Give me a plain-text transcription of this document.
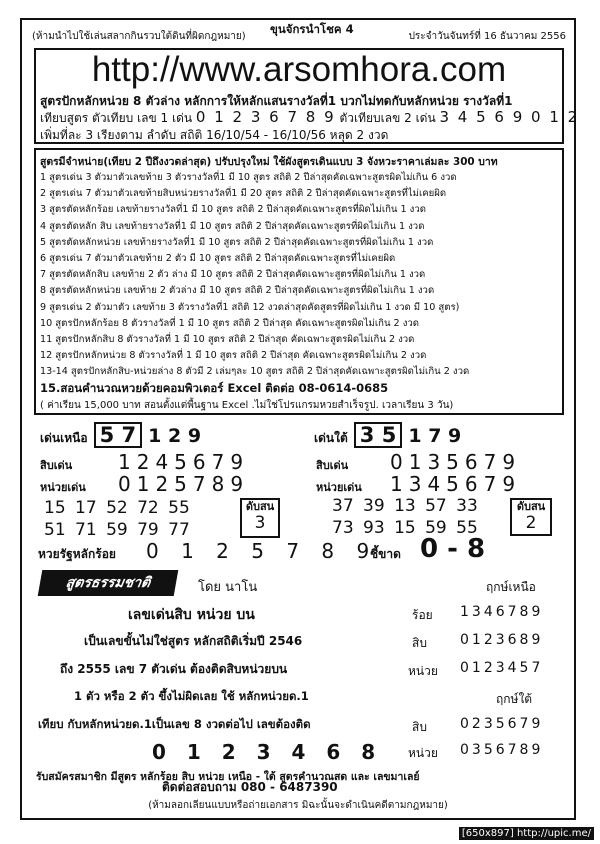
(ห้ามนำไปใช้เล่นสลากกินรวบใต้ดินที่ผิดกฎหมาย)
ขุนจักรนำโชค 4
ประจำวันจันทร์ที่ 16 ธันวาคม 2556
http://www.arsomhora.com
สูตรปักหลักหน่วย 8 ตัวล่าง หลักการให้หลักแสนรางวัลที่1 บวกไม่ทดกับหลักหน่วย รางวัลที่1
เทียบสูตร ตัวเทียบ เลข 1 เด่น 0 1 2 3 6 7 8 9 ตัวเทียบเลข 2 เด่น 3 4 5 6 9 0 1 2
เพิ่มที่ละ 3 เรียงตาม ลำดับ สถิติ 16/10/54 - 16/10/56 หลุด 2 งวด
สูตรมีจำหน่าย(เทียบ 2 ปีถึงงวดล่าสุด) ปรับปรุงใหม่ ใช้ผังสูตรเดินแบบ 3 จังหวะราคาเล่มละ 300 บาท
1 สูตรเด่น 3 ตัวมาตัวเลขท้าย 3 ตัวรางวัลที่1 มี 10 สูตร สถิติ 2 ปีล่าสุดคัดเฉพาะสูตรผิดไม่เกิน 6 งวด
2 สูตรเด่น 7 ตัวมาตัวเลขท้ายสิบหน่วยรางวัลที่1 มี 20 สูตร สถิติ 2 ปีล่าสุดคัดเฉพาะสูตรที่ไม่เคยผิด
3 สูตรตัดหลักร้อย เลขท้ายรางวัลที่1 มี 10 สูตร สถิติ 2 ปีล่าสุดคัดเฉพาะสูตรที่ผิดไม่เกิน 1 งวด
4 สูตรตัดหลัก สิบ เลขท้ายรางวัลที่1 มี 10 สูตร สถิติ 2 ปีล่าสุดคัดเฉพาะสูตรที่ผิดไม่เกิน 1 งวด
5 สูตรตัดหลักหน่วย เลขท้ายรางวัลที่1 มี 10 สูตร สถิติ 2 ปีล่าสุดคัดเฉพาะสูตรที่ผิดไม่เกิน 1 งวด
6 สูตรเด่น 7 ตัวมาตัวเลขท้าย 2 ตัว มี 10 สูตร สถิติ 2 ปีล่าสุดคัดเฉพาะสูตรที่ไม่เคยผิด
7 สูตรตัดหลักสิบ เลขท้าย 2 ตัว ล่าง มี 10 สูตร สถิติ 2 ปีล่าสุดคัดเฉพาะสูตรที่ผิดไม่เกิน 1 งวด
8 สูตรตัดหลักหน่วย เลขท้าย 2 ตัวล่าง มี 10 สูตร สถิติ 2 ปีล่าสุดคัดเฉพาะสูตรที่ผิดไม่เกิน 1 งวด
9 สูตรเด่น 2 ตัวมาตัว เลขท้าย 3 ตัวรางวัลที่1 สถิติ 12 งวดล่าสุดคัดสูตรที่ผิดไม่เกิน 1 งวด มี 10 สูตร)
10 สูตรปักหลักร้อย 8 ตัวรางวัลที่ 1 มี 10 สูตร สถิติ 2 ปีล่าสุด คัดเฉพาะสูตรผิดไม่เกิน 2 งวด
11 สูตรปักหลักสิบ 8 ตัวรางวัลที่ 1 มี 10 สูตร สถิติ 2 ปีล่าสุด คัดเฉพาะสูตรผิดไม่เกิน 2 งวด
12 สูตรปักหลักหน่วย 8 ตัวรางวัลที่ 1 มี 10 สูตร สถิติ 2 ปีล่าสุด คัดเฉพาะสูตรผิดไม่เกิน 2 งวด
13-14 สูตรปักหลักสิบ-หน่วยล่าง 8 ตัวมี 2 เล่มๆละ 10 สูตร สถิติ 2 ปีล่าสุดคัดเฉพาะสูตรผิดไม่เกิน 2 งวด
15.สอนคำนวณหวยด้วยคอมพิวเตอร์ Excel ติดต่อ 08-0614-0685
( ค่าเรียน 15,000 บาท สอนตั้งแต่พื้นฐาน Excel .ไม่ใช่โปรแกรมหวยสำเร็จรูป. เวลาเรียน 3 วัน)
เด่นเหนือ 5 7 1 2 9	เด่นใต้ 3 5 1 7 9
สิบเด่น 1245679
หน่วยเด่น 0125789
15 17 52 72 55
51 71 59 79 77
ดับสน
3
สิบเด่น 0135679
หน่วยเด่น 1345679
37 39 13 57 33
73 93 15 59 55
ดับสน
2
หวยรัฐหลักร้อย 0 1 2 5 7 8 9
ชี้ขาด 0 - 8
สูตรธรรมชาติ	โดย นาโน
เลขเด่นสิบ หน่วย บน
เป็นเลขขั้นไม่ใช่สูตร หลักสถิติเริ่มปี 2546
ถึง 2555 เลข 7 ตัวเด่น ต้องติดสิบหน่วยบน
1 ตัว หรือ 2 ตัว ขึ้งไม่ผิดเลย ใช้ หลักหน่วยด.1
เทียบ กับหลักหน่วยด.1เป็นเลข 8 งวดต่อไป เลขต้องติด
0 1 2 3 4 6 8
ฤกษ์เหนือ
ร้อย 1346789
สิบ 0123689
หน่วย 0123457
ฤกษ์ใต้
สิบ 0235679
หน่วย 0356789
รับสมัครสมาชิก มีสูตร หลักร้อย สิบ หน่วย เหนือ - ใต้ สูตรคำนวณสด และ เลขมาเลย์
ติดต่อสอบถาม 080 - 6487390
(ห้ามลอกเลียนแบบหรือถ่ายเอกสาร มิฉะนั้นจะดำเนินคดีตามกฎหมาย)
[650x897] http://upic.me/
